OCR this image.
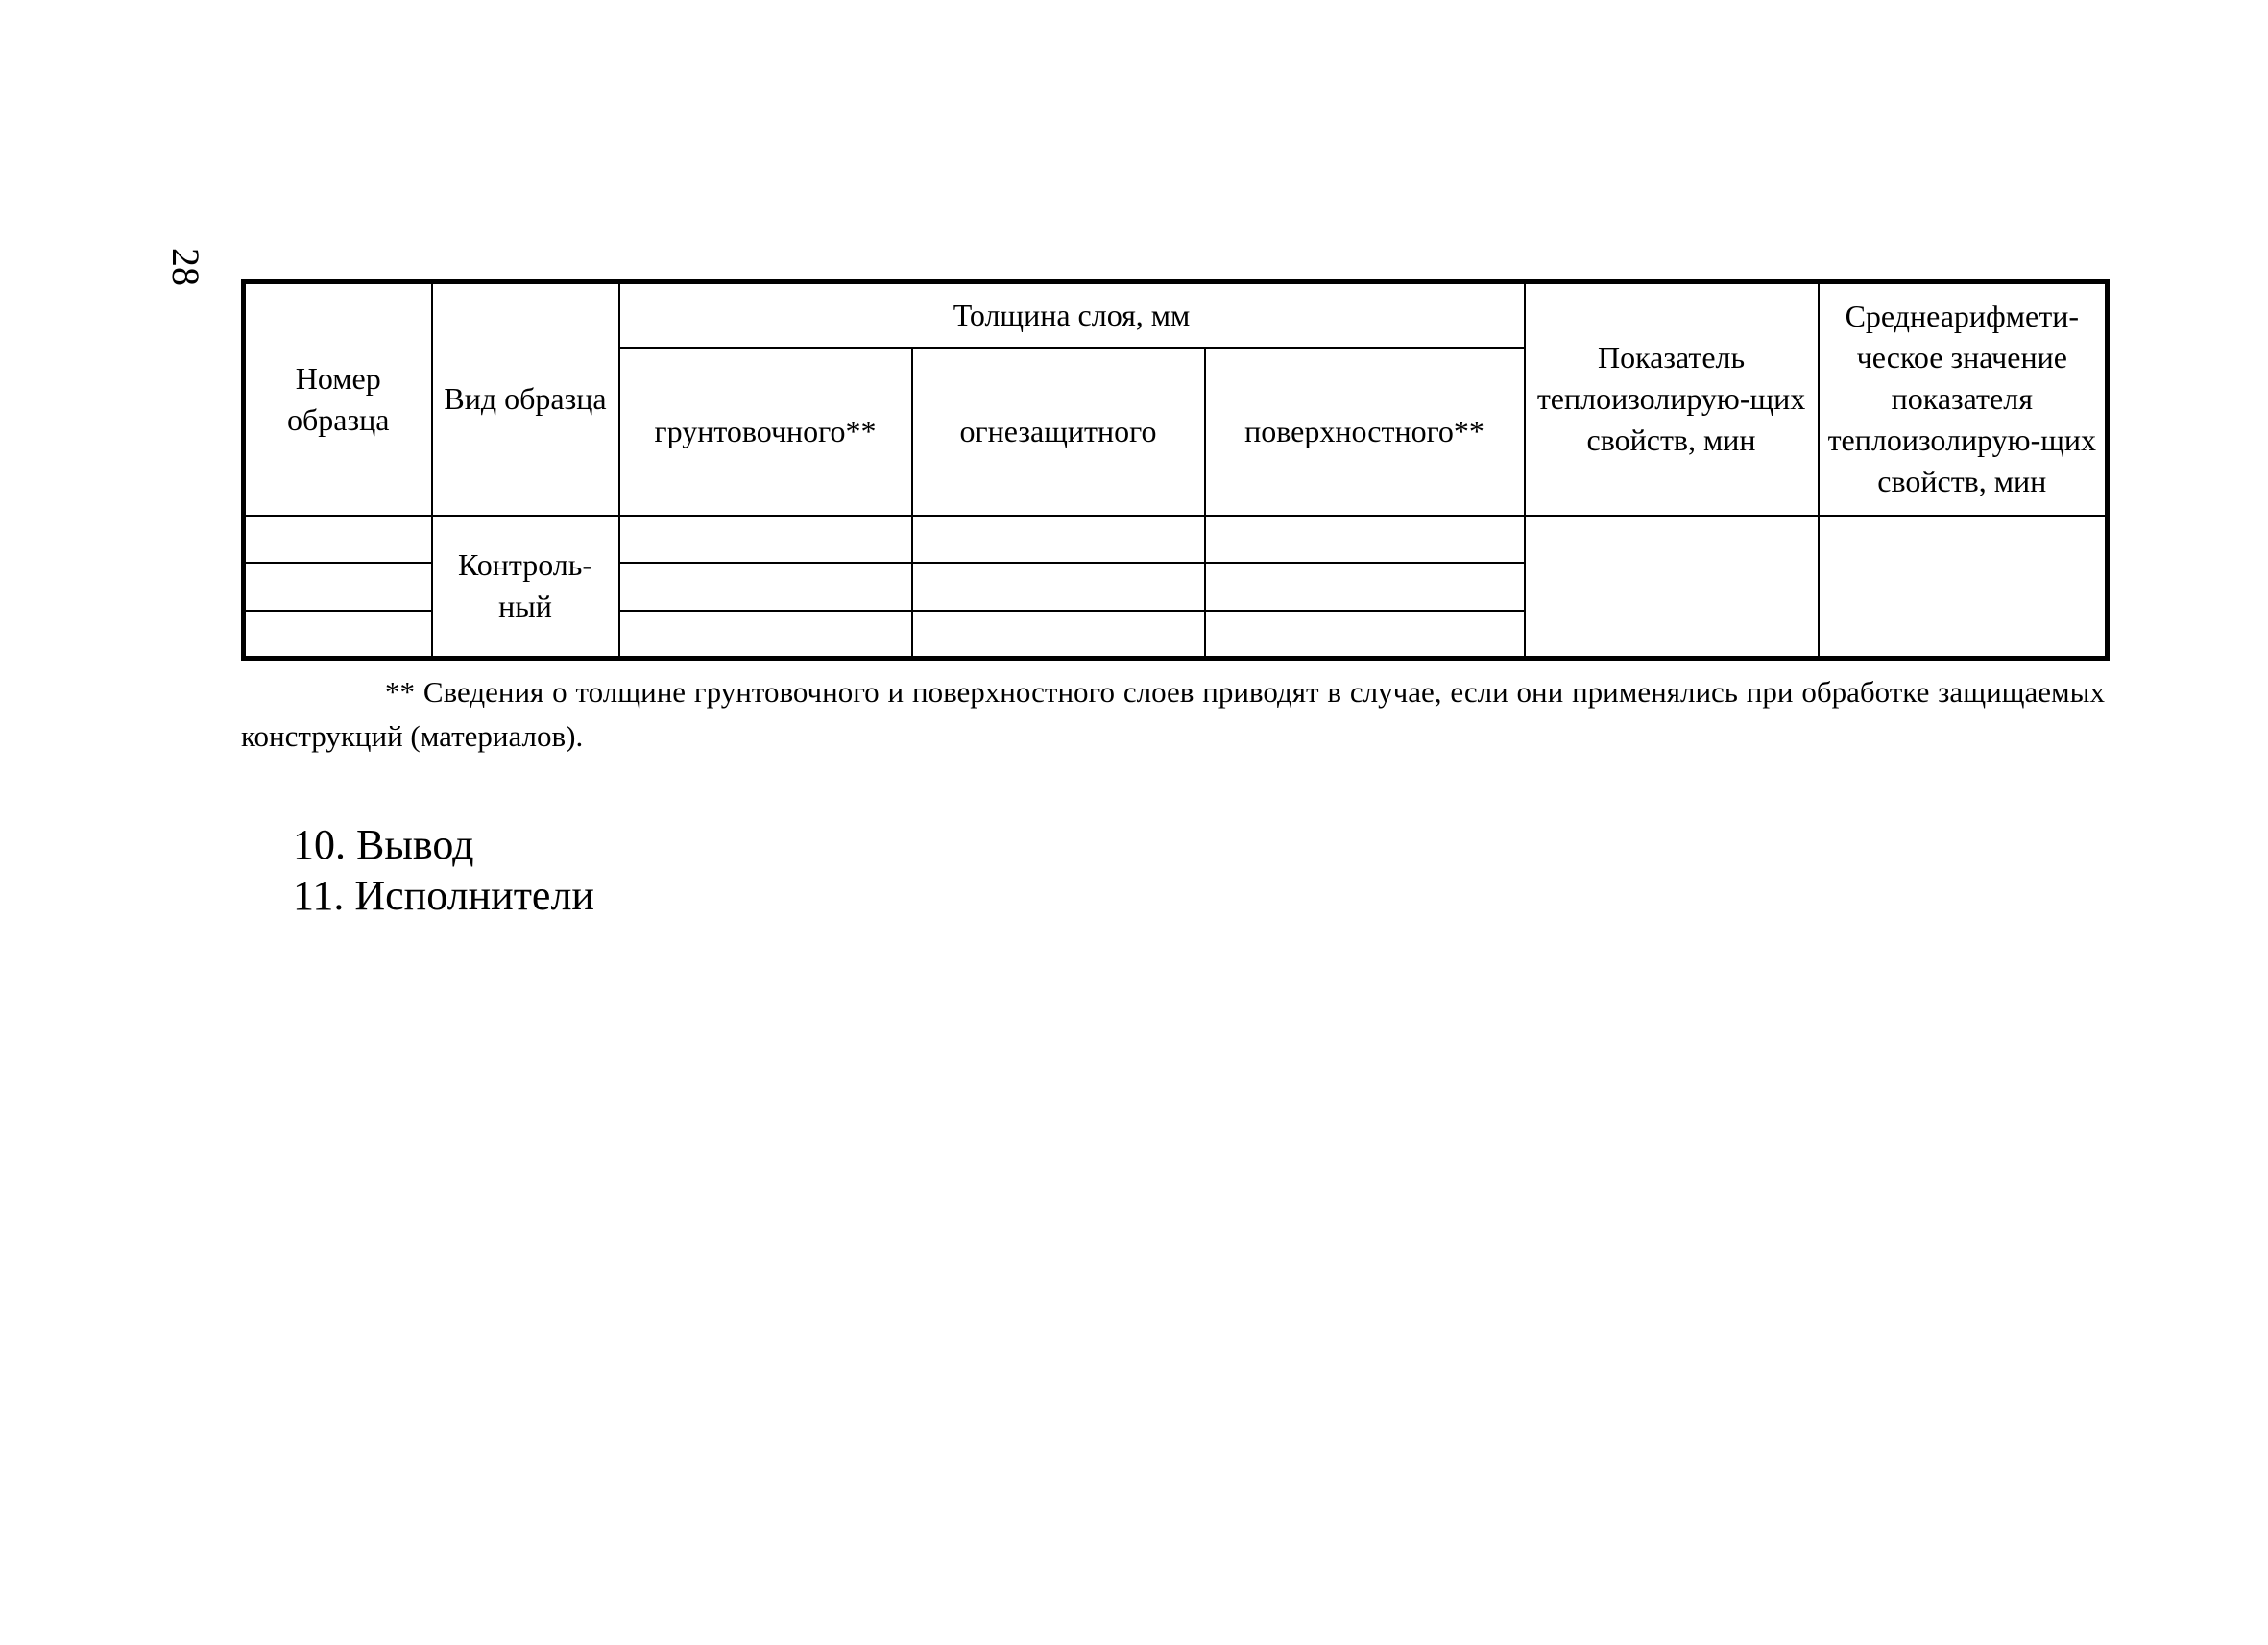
28
Номер образца	Вид образца	Толщина слоя, мм			Показатель теплоизолирую-щих свойств, мин	Среднеарифмети-ческое значение показателя теплоизолирую-щих свойств, мин
		грунтовочного**	огнезащитного	поверхностного**		
	Контроль-ный					

** Сведения о толщине грунтовочного и поверхностного слоев приводят в случае, если они применялись при обработке защищаемых конструкций (материалов).
10. Вывод
11. Исполнители
